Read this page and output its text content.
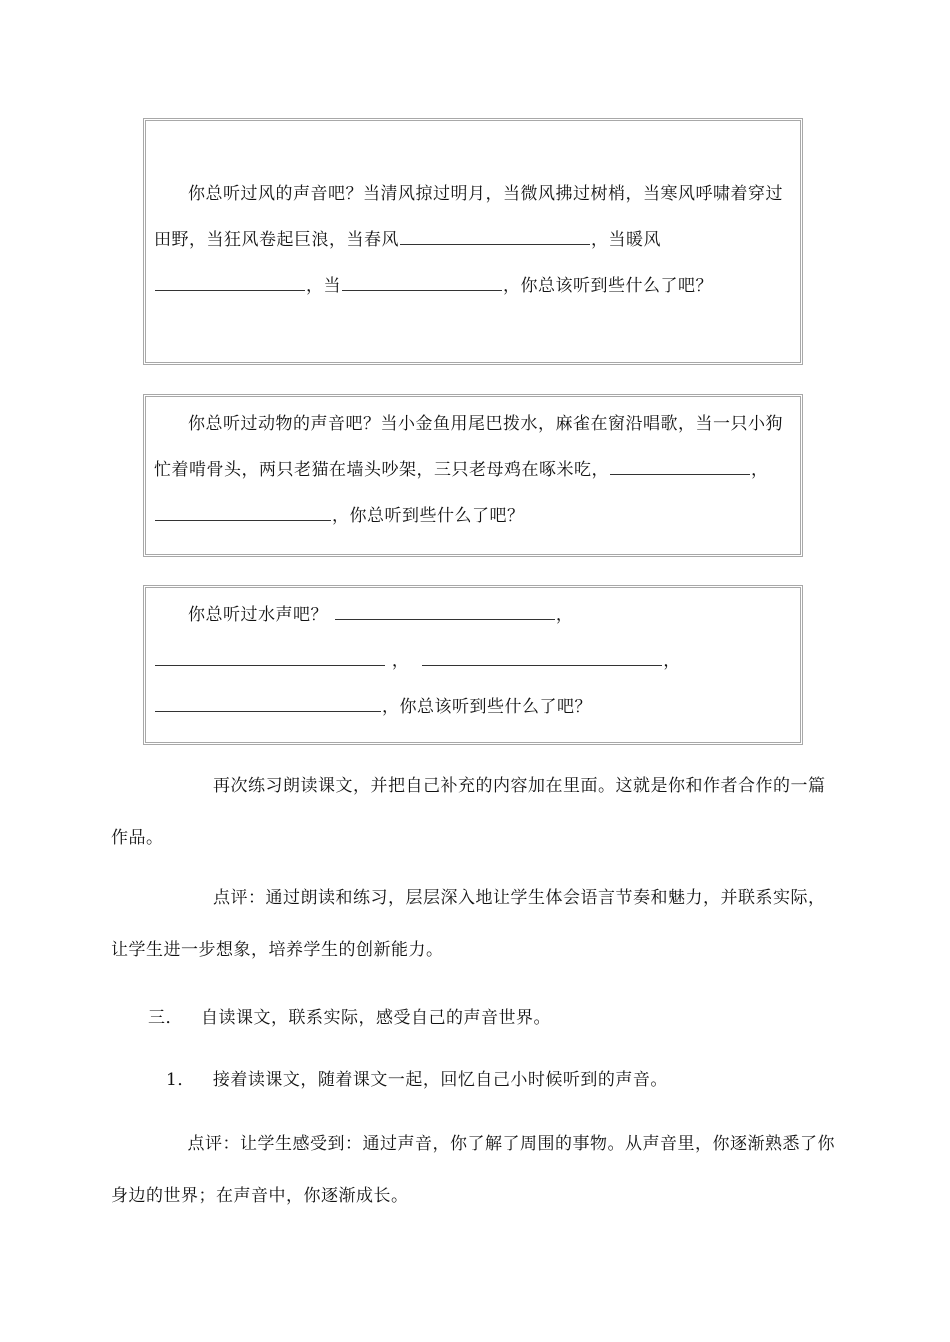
你总听过风的声音吧？当清风掠过明月，当微风拂过树梢，当寒风呼啸着穿过田野，当狂风卷起巨浪，当春风	，当暖风，当	，你总该听到些什么了吧？
你总听过动物的声音吧？当小金鱼用尾巴拨水，麻雀在窗沿唱歌，当一只小狗忙着啃骨头，两只老猫在墙头吵架，三只老母鸡在啄米吃，	，，你总听到些什么了吧？
你总听过水声吧？	， ，	，  ，你总该听到些什么了吧？
再次练习朗读课文，并把自己补充的内容加在里面。这就是你和作者合作的一篇作品。
点评：通过朗读和练习，层层深入地让学生体会语言节奏和魅力，并联系实际，让学生进一步想象，培养学生的创新能力。
三． 自读课文，联系实际，感受自己的声音世界。
1． 接着读课文，随着课文一起，回忆自己小时候听到的声音。
点评：让学生感受到：通过声音，你了解了周围的事物。从声音里，你逐渐熟悉了你身边的世界；在声音中，你逐渐成长。
